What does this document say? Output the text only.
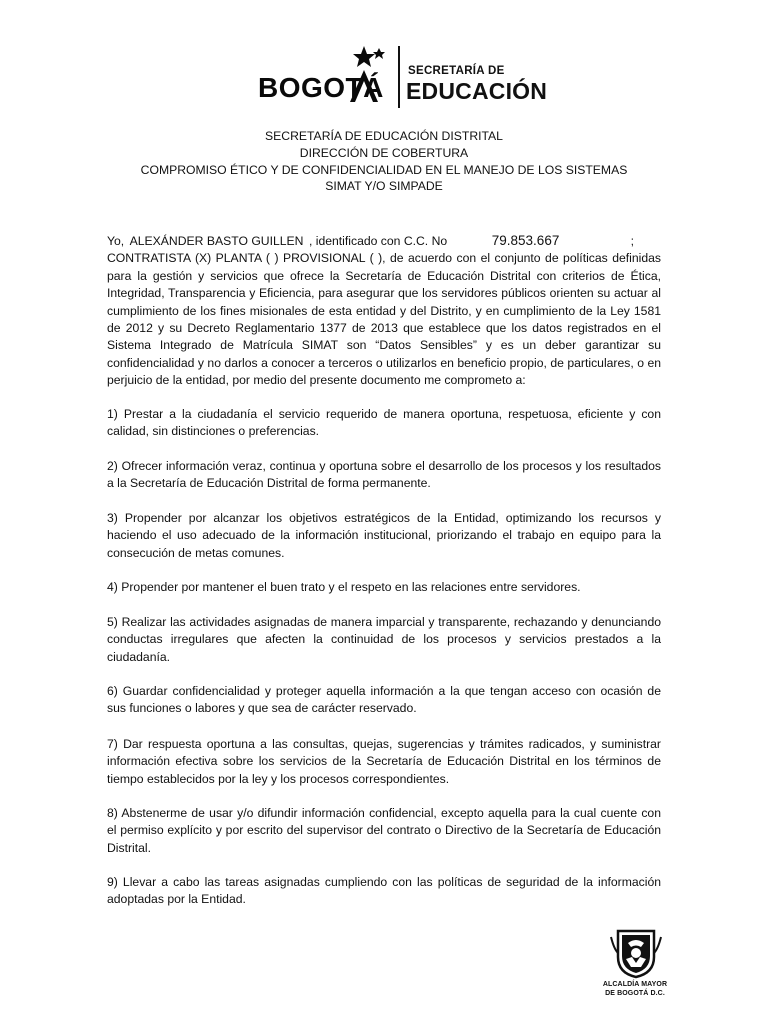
BOGOTÁ
SECRETARÍA DE
EDUCACIÓN
SECRETARÍA DE EDUCACIÓN DISTRITAL
DIRECCIÓN DE COBERTURA
COMPROMISO ÉTICO Y DE CONFIDENCIALIDAD EN EL MANEJO DE LOS SISTEMAS
SIMAT Y/O SIMPADE
Yo, ALEXÁNDER BASTO GUILLEN , identificado con C.C. No	79.853.667	;
CONTRATISTA (X) PLANTA ( ) PROVISIONAL ( ), de acuerdo con el conjunto de políticas definidas para la gestión y servicios que ofrece la Secretaría de Educación Distrital con criterios de Ética, Integridad, Transparencia y Eficiencia, para asegurar que los servidores públicos orienten su actuar al cumplimiento de los fines misionales de esta entidad y del Distrito, y en cumplimiento de la Ley 1581 de 2012 y su Decreto Reglamentario 1377 de 2013 que establece que los datos registrados en el Sistema Integrado de Matrícula SIMAT son “Datos Sensibles” y es un deber garantizar su confidencialidad y no darlos a conocer a terceros o utilizarlos en beneficio propio, de particulares, o en perjuicio de la entidad, por medio del presente documento me comprometo a:
1) Prestar a la ciudadanía el servicio requerido de manera oportuna, respetuosa, eficiente y con calidad, sin distinciones o preferencias.
2) Ofrecer información veraz, continua y oportuna sobre el desarrollo de los procesos y los resultados a la Secretaría de Educación Distrital de forma permanente.
3) Propender por alcanzar los objetivos estratégicos de la Entidad, optimizando los recursos y haciendo el uso adecuado de la información institucional, priorizando el trabajo en equipo para la consecución de metas comunes.
4) Propender por mantener el buen trato y el respeto en las relaciones entre servidores.
5) Realizar las actividades asignadas de manera imparcial y transparente, rechazando y denunciando conductas irregulares que afecten la continuidad de los procesos y servicios prestados a la ciudadanía.
6) Guardar confidencialidad y proteger aquella información a la que tengan acceso con ocasión de sus funciones o labores y que sea de carácter reservado.
7) Dar respuesta oportuna a las consultas, quejas, sugerencias y trámites radicados, y suministrar información efectiva sobre los servicios de la Secretaría de Educación Distrital en los términos de tiempo establecidos por la ley y los procesos correspondientes.
8) Abstenerme de usar y/o difundir información confidencial, excepto aquella para la cual cuente con el permiso explícito y por escrito del supervisor del contrato o Directivo de la Secretaría de Educación Distrital.
9) Llevar a cabo las tareas asignadas cumpliendo con las políticas de seguridad de la información adoptadas por la Entidad.
ALCALDÍA MAYOR
DE BOGOTÁ D.C.
